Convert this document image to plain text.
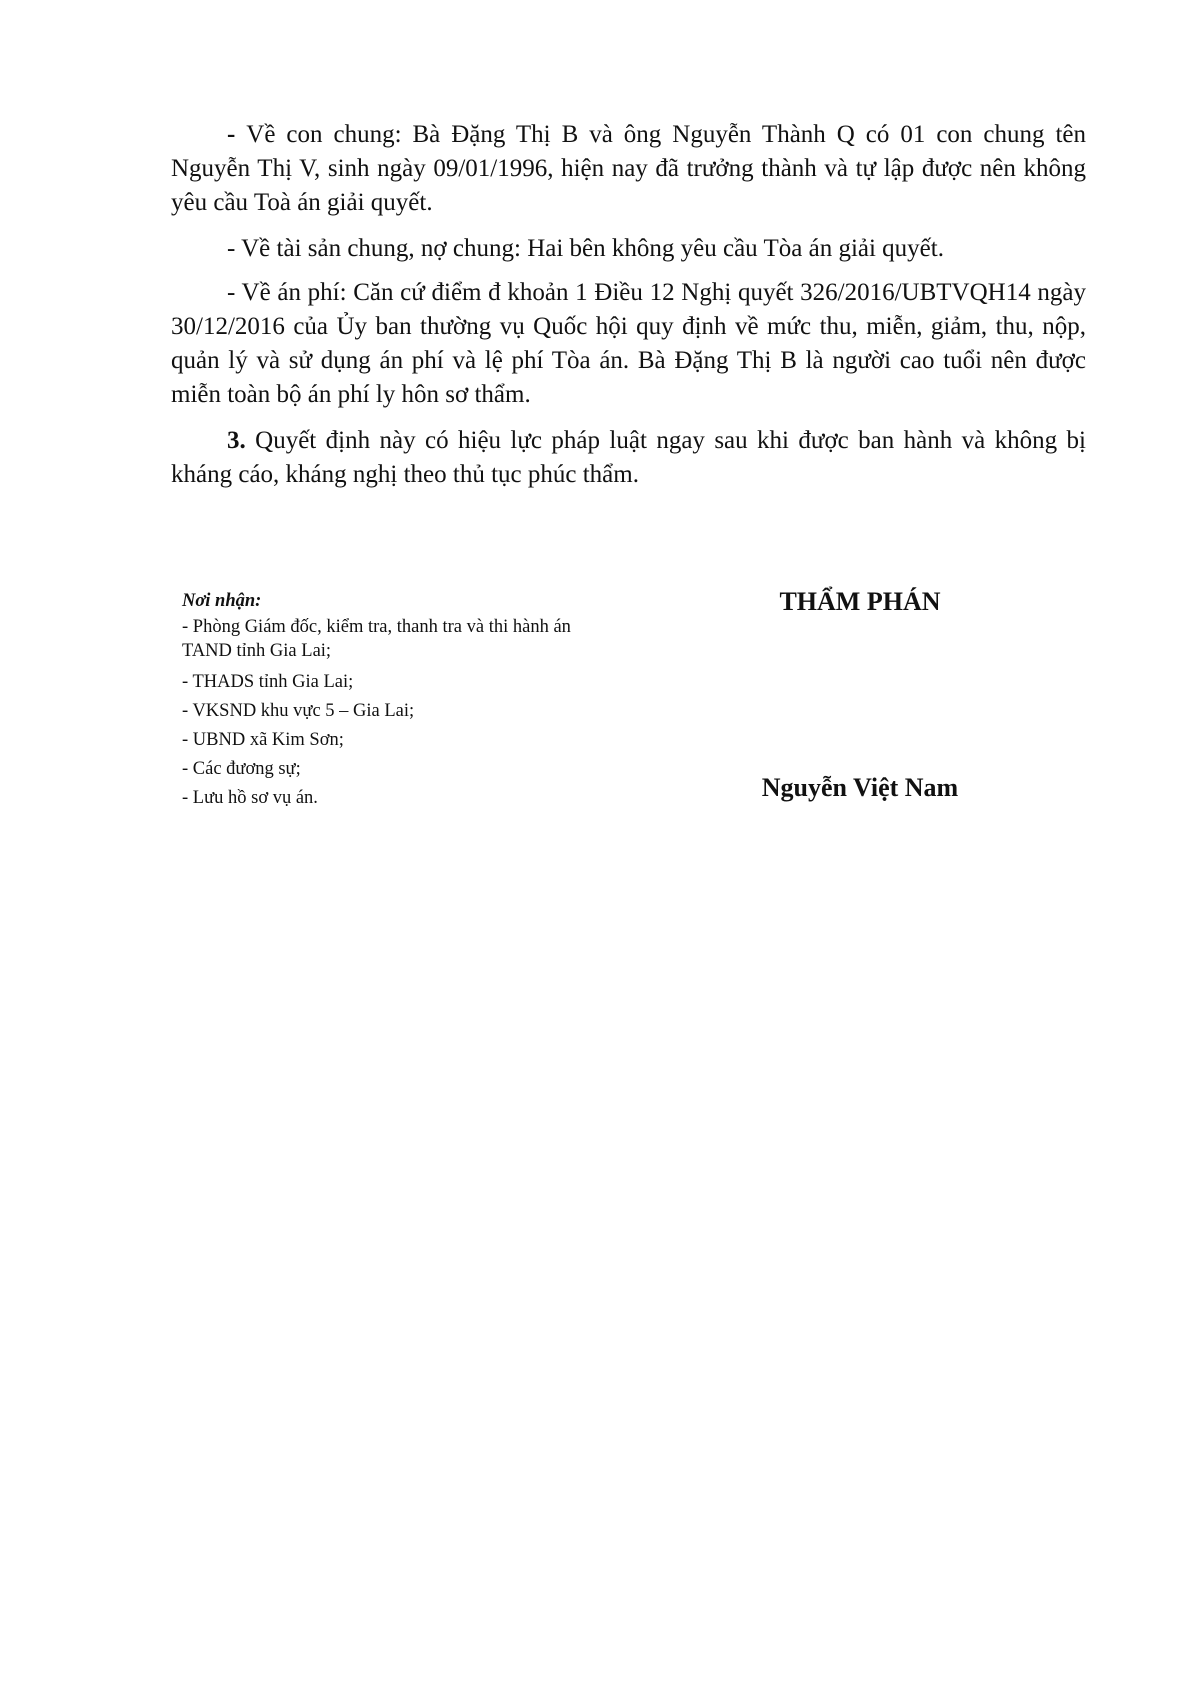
- Về con chung: Bà Đặng Thị B và ông Nguyễn Thành Q có 01 con chung tên Nguyễn Thị V, sinh ngày 09/01/1996, hiện nay đã trưởng thành và tự lập được nên không yêu cầu Toà án giải quyết.

- Về tài sản chung, nợ chung: Hai bên không yêu cầu Tòa án giải quyết.

- Về án phí: Căn cứ điểm đ khoản 1 Điều 12 Nghị quyết 326/2016/UBTVQH14 ngày 30/12/2016 của Ủy ban thường vụ Quốc hội quy định về mức thu, miễn, giảm, thu, nộp, quản lý và sử dụng án phí và lệ phí Tòa án. Bà Đặng Thị B là người cao tuổi nên được miễn toàn bộ án phí ly hôn sơ thẩm.

3. Quyết định này có hiệu lực pháp luật ngay sau khi được ban hành và không bị kháng cáo, kháng nghị theo thủ tục phúc thẩm.

Nơi nhận:
- Phòng Giám đốc, kiểm tra, thanh tra và thi hành án TAND tỉnh Gia Lai;
- THADS tỉnh Gia Lai;
- VKSND khu vực 5 – Gia Lai;
- UBND xã Kim Sơn;
- Các đương sự;
- Lưu hồ sơ vụ án.
THẨM PHÁN
Nguyễn Việt Nam
